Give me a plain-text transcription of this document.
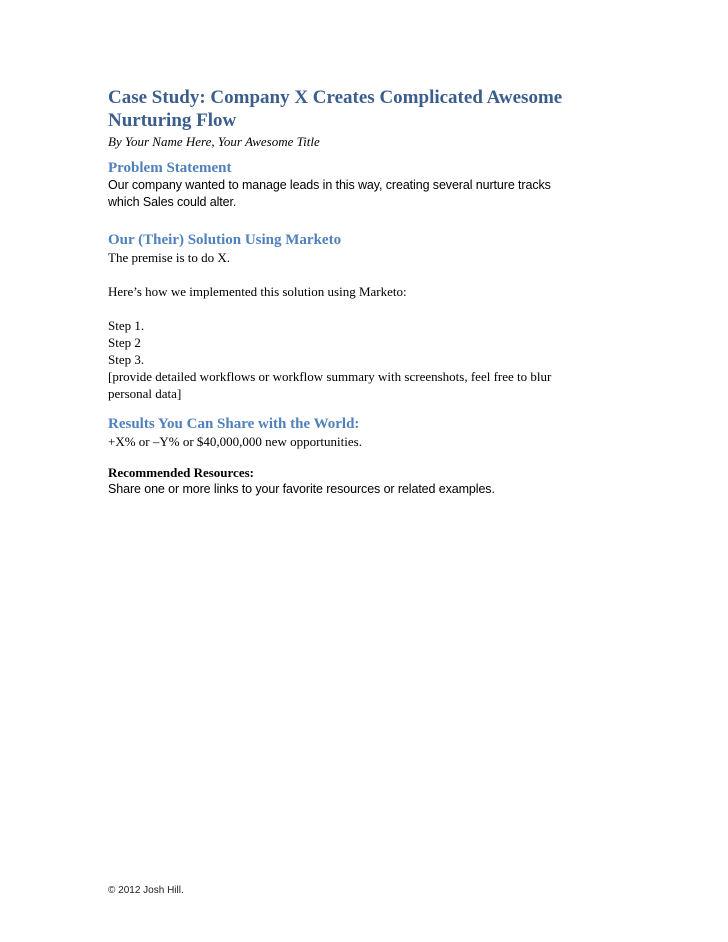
Case Study: Company X Creates Complicated Awesome

Nurturing Flow

By Your Name Here, Your Awesome Title

Problem Statement

Our company wanted to manage leads in this way, creating several nurture tracks

which Sales could alter.

Our (Their) Solution Using Marketo

The premise is to do X.

Here’s how we implemented this solution using Marketo:

Step 1.

Step 2

Step 3.

[provide detailed workflows or workflow summary with screenshots, feel free to blur

personal data]

Results You Can Share with the World:

+X% or –Y% or $40,000,000 new opportunities.

Recommended Resources:

Share one or more links to your favorite resources or related examples.

© 2012 Josh Hill.
